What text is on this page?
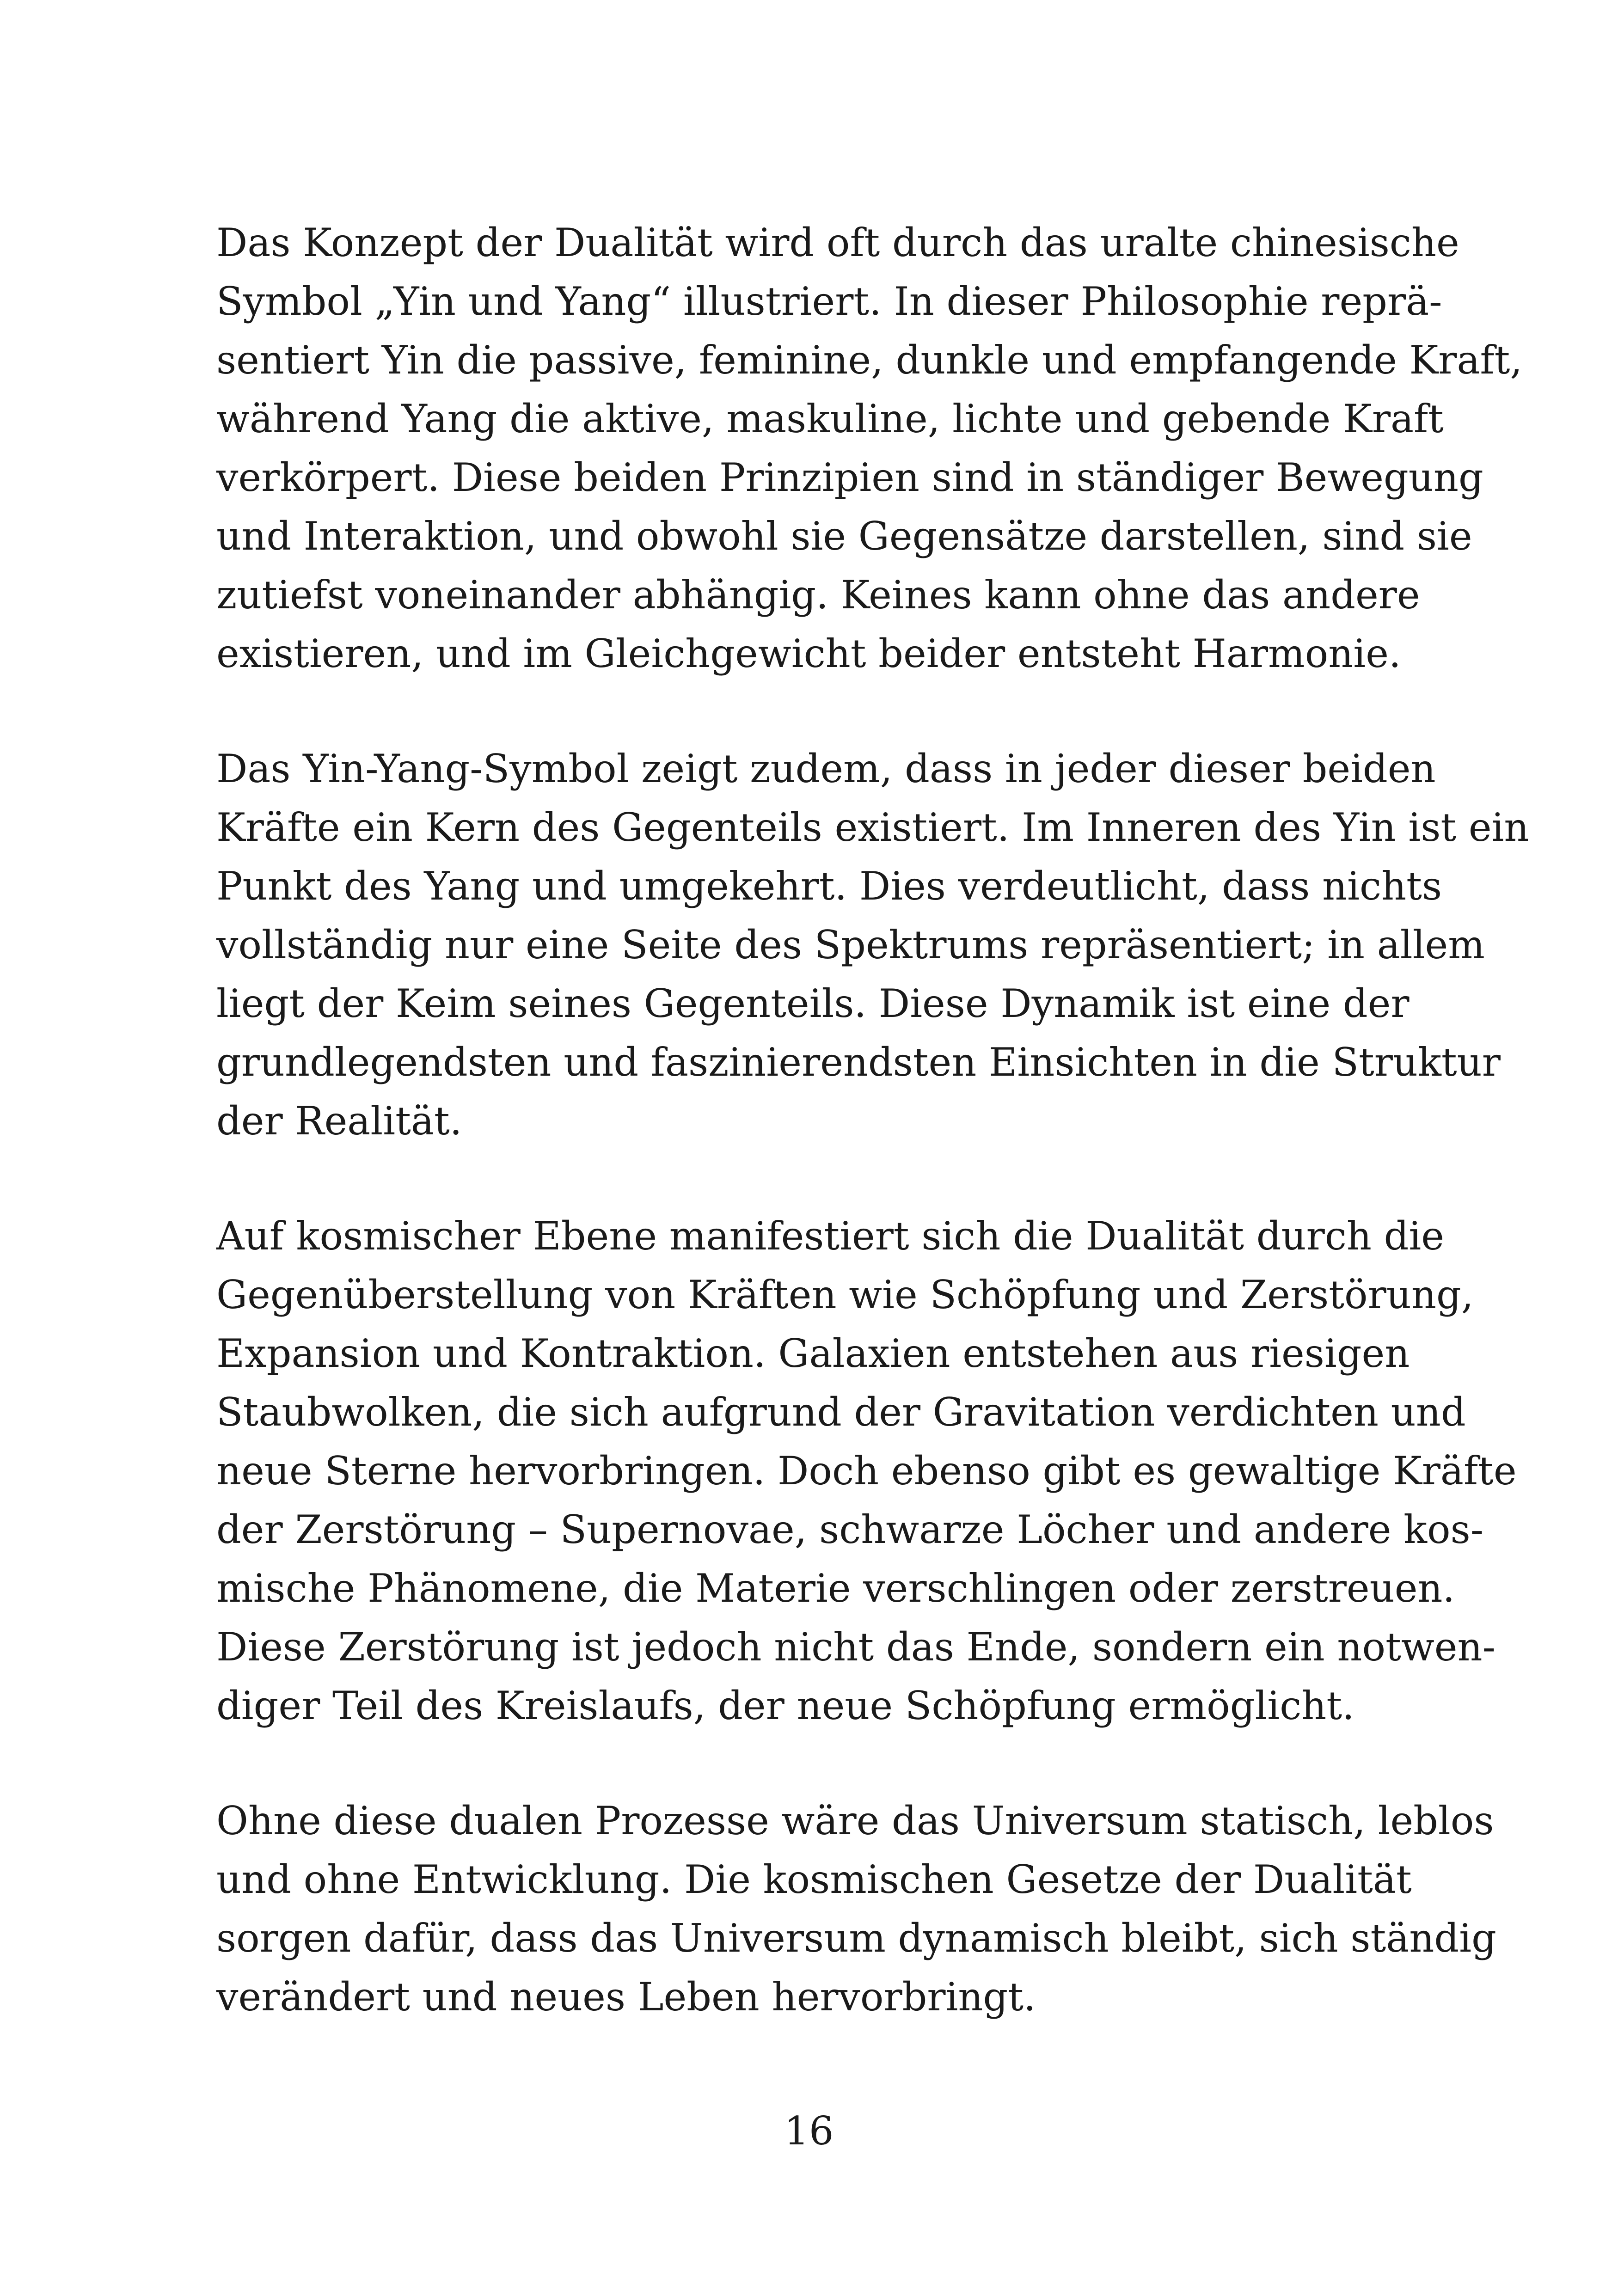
Das Konzept der Dualität wird oft durch das uralte chinesische
Symbol „Yin und Yang“ illustriert. In dieser Philosophie reprä-
sentiert Yin die passive, feminine, dunkle und empfangende Kraft,
während Yang die aktive, maskuline, lichte und gebende Kraft
verkörpert. Diese beiden Prinzipien sind in ständiger Bewegung
und Interaktion, und obwohl sie Gegensätze darstellen, sind sie
zutiefst voneinander abhängig. Keines kann ohne das andere
existieren, und im Gleichgewicht beider entsteht Harmonie.
Das Yin-Yang-Symbol zeigt zudem, dass in jeder dieser beiden
Kräfte ein Kern des Gegenteils existiert. Im Inneren des Yin ist ein
Punkt des Yang und umgekehrt. Dies verdeutlicht, dass nichts
vollständig nur eine Seite des Spektrums repräsentiert; in allem
liegt der Keim seines Gegenteils. Diese Dynamik ist eine der
grundlegendsten und faszinierendsten Einsichten in die Struktur
der Realität.
Auf kosmischer Ebene manifestiert sich die Dualität durch die
Gegenüberstellung von Kräften wie Schöpfung und Zerstörung,
Expansion und Kontraktion. Galaxien entstehen aus riesigen
Staubwolken, die sich aufgrund der Gravitation verdichten und
neue Sterne hervorbringen. Doch ebenso gibt es gewaltige Kräfte
der Zerstörung – Supernovae, schwarze Löcher und andere kos-
mische Phänomene, die Materie verschlingen oder zerstreuen.
Diese Zerstörung ist jedoch nicht das Ende, sondern ein notwen-
diger Teil des Kreislaufs, der neue Schöpfung ermöglicht.
Ohne diese dualen Prozesse wäre das Universum statisch, leblos
und ohne Entwicklung. Die kosmischen Gesetze der Dualität
sorgen dafür, dass das Universum dynamisch bleibt, sich ständig
verändert und neues Leben hervorbringt.
16
